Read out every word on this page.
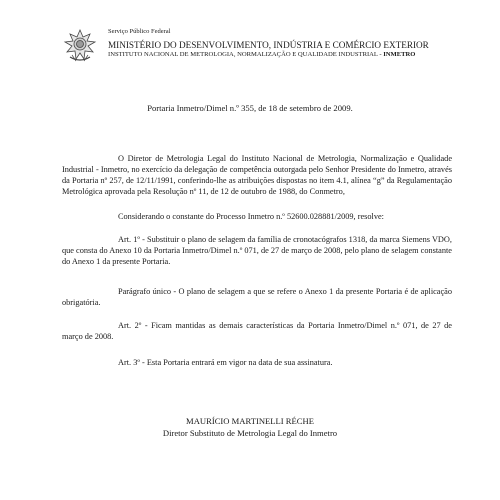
Serviço Público Federal
MINISTÉRIO DO DESENVOLVIMENTO, INDÚSTRIA E COMÉRCIO EXTERIOR
INSTITUTO NACIONAL DE METROLOGIA, NORMALIZAÇÃO E QUALIDADE INDUSTRIAL - INMETRO
Portaria Inmetro/Dimel n.º 355, de 18 de setembro de 2009.

O Diretor de Metrologia Legal do Instituto Nacional de Metrologia, Normalização e Qualidade Industrial - Inmetro, no exercício da delegação de competência outorgada pelo Senhor Presidente do Inmetro, através da Portaria nº 257, de 12/11/1991, conferindo-lhe as atribuições dispostas no item 4.1, alínea “g” da Regulamentação Metrológica aprovada pela Resolução nº 11, de 12 de outubro de 1988, do Conmetro,

Considerando o constante do Processo Inmetro n.º 52600.028881/2009, resolve:

Art. 1º - Substituir o plano de selagem da família de cronotacógrafos 1318, da marca Siemens VDO, que consta do Anexo 10 da Portaria Inmetro/Dimel n.º 071, de 27 de março de 2008, pelo plano de selagem constante do Anexo 1 da presente Portaria.

Parágrafo único - O plano de selagem a que se refere o Anexo 1 da presente Portaria é de aplicação obrigatória.

Art. 2º - Ficam mantidas as demais características da Portaria Inmetro/Dimel n.º 071, de 27 de março de 2008.

Art. 3º - Esta Portaria entrará em vigor na data de sua assinatura.

MAURÍCIO MARTINELLI RÉCHE
Diretor Substituto de Metrologia Legal do Inmetro
